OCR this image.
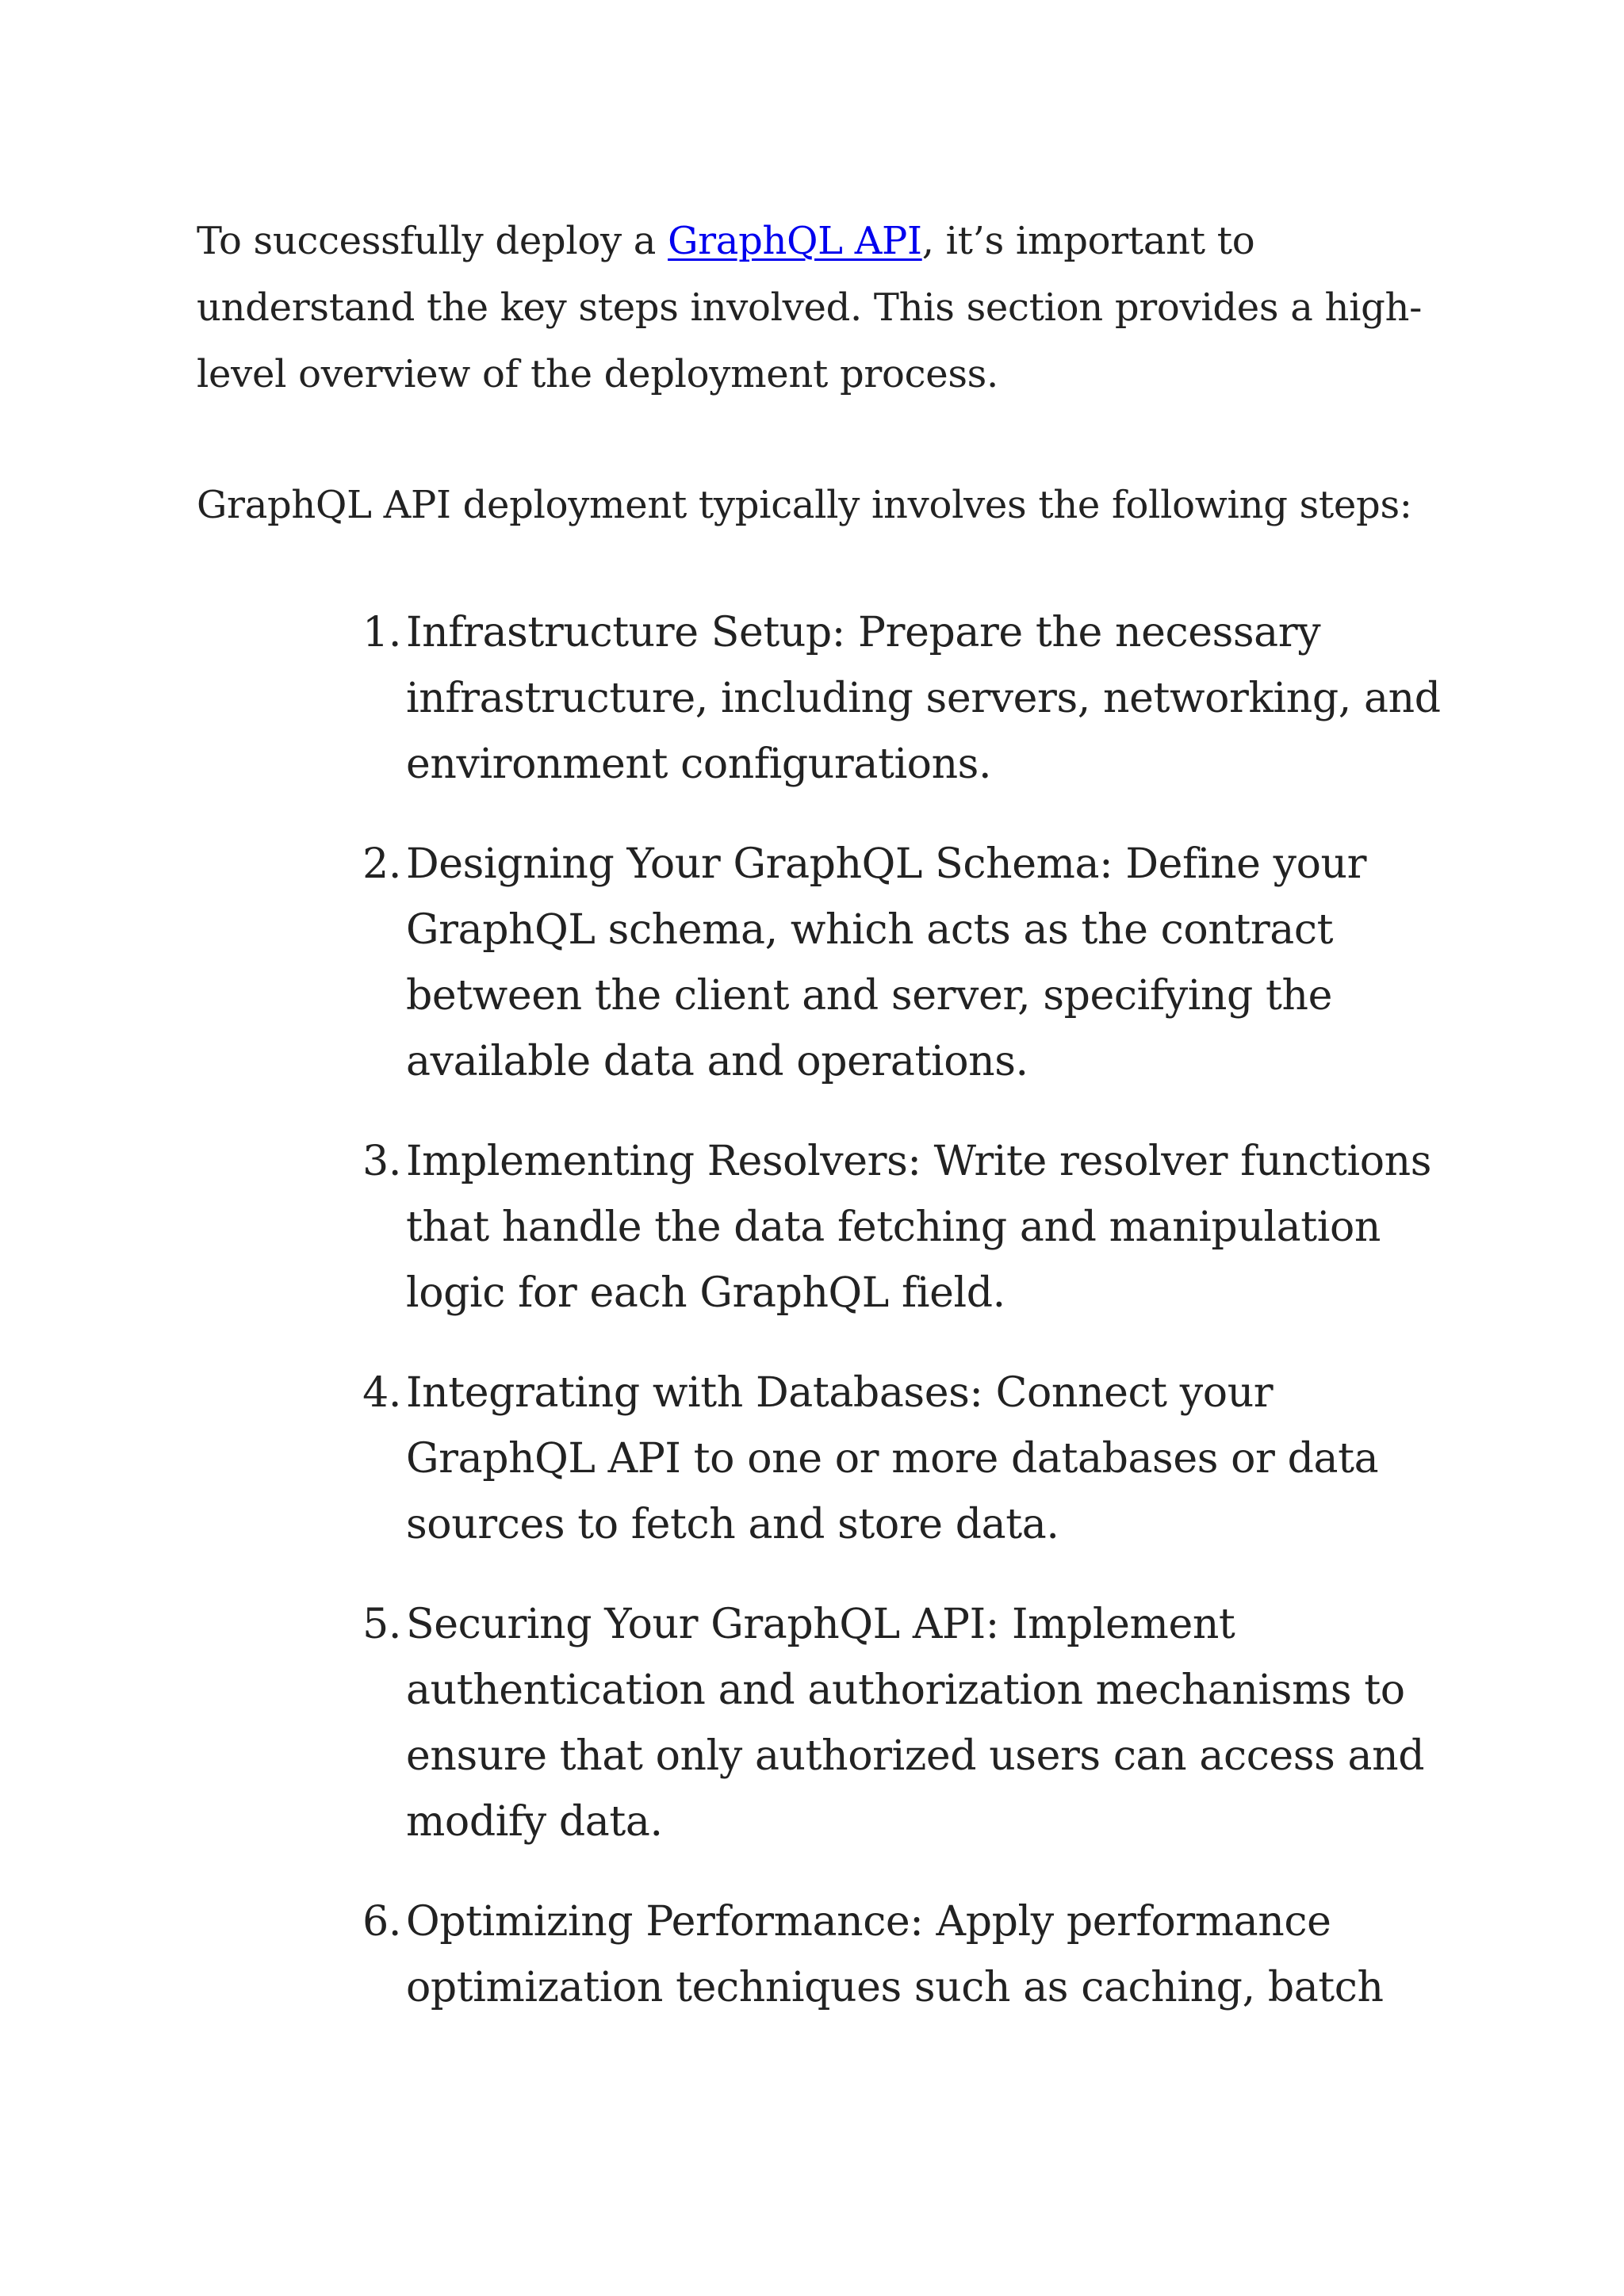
To successfully deploy a GraphQL API, it’s important to understand the key steps involved. This section provides a high-level overview of the deployment process.

GraphQL API deployment typically involves the following steps:

1. Infrastructure Setup: Prepare the necessary infrastructure, including servers, networking, and environment configurations.
2. Designing Your GraphQL Schema: Define your GraphQL schema, which acts as the contract between the client and server, specifying the available data and operations.
3. Implementing Resolvers: Write resolver functions that handle the data fetching and manipulation logic for each GraphQL field.
4. Integrating with Databases: Connect your GraphQL API to one or more databases or data sources to fetch and store data.
5. Securing Your GraphQL API: Implement authentication and authorization mechanisms to ensure that only authorized users can access and modify data.
6. Optimizing Performance: Apply performance optimization techniques such as caching, batch
